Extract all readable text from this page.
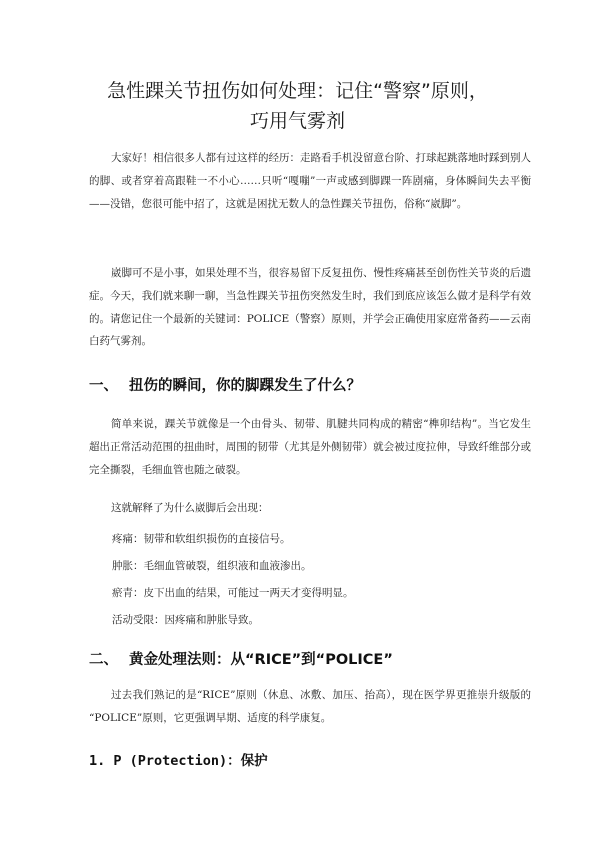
急性踝关节扭伤如何处理：记住“警察”原则，
巧用气雾剂

大家好！相信很多人都有过这样的经历：走路看手机没留意台阶、打球起跳落地时踩到别人的脚、或者穿着高跟鞋一不小心……只听“嘎嘣”一声或感到脚踝一阵剧痛，身体瞬间失去平衡——没错，您很可能中招了，这就是困扰无数人的急性踝关节扭伤，俗称“崴脚”。

崴脚可不是小事，如果处理不当，很容易留下反复扭伤、慢性疼痛甚至创伤性关节炎的后遗症。今天，我们就来聊一聊，当急性踝关节扭伤突然发生时，我们到底应该怎么做才是科学有效的。请您记住一个最新的关键词：POLICE（警察）原则，并学会正确使用家庭常备药——云南白药气雾剂。

一、 扭伤的瞬间，你的脚踝发生了什么？

简单来说，踝关节就像是一个由骨头、韧带、肌腱共同构成的精密“榫卯结构”。当它发生超出正常活动范围的扭曲时，周围的韧带（尤其是外侧韧带）就会被过度拉伸，导致纤维部分或完全撕裂，毛细血管也随之破裂。

这就解释了为什么崴脚后会出现：

疼痛：韧带和软组织损伤的直接信号。

肿胀：毛细血管破裂，组织液和血液渗出。

瘀青：皮下出血的结果，可能过一两天才变得明显。

活动受限：因疼痛和肿胀导致。

二、 黄金处理法则：从“RICE”到“POLICE”

过去我们熟记的是“RICE”原则（休息、冰敷、加压、抬高），现在医学界更推崇升级版的 “POLICE”原则，它更强调早期、适度的科学康复。

1. P (Protection)：保护
